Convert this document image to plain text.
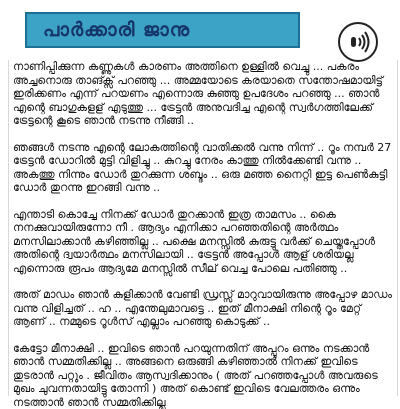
പാർക്കാരി ജാനു

നാണിപ്പിക്കുന്ന കണ്ണുകൾ കാരണം അത്തിനെ ഉള്ളിൽ വെച്ചു ... പകരം അച്ചനൊരു താങ്ക്സ് പറഞ്ഞു ... അമ്മയോടെ കരയാതെ സന്തോഷമായിട്ട് ഇരിക്കണം എന്ന് പറയണം എന്നൊരു കുഞ്ഞു ഉപദേശം പറഞ്ഞു ... ഞാൻ എന്റെ ബാഗുകളള് എടുത്തു ... ട്രേട്ടൻ അനുവദിച്ച എന്റെ സ്വർഗത്തിലേക്ക് ട്രേട്ടന്റെ കൂടെ ഞാൻ നടന്നു നീങ്ങി ..

ഞങ്ങൾ നടന്നു എന്റെ ലോകത്തിന്റെ വാതിക്കൽ വന്നു നിന്ന് .. റൂം നമ്പർ 27 ട്രേട്ടൻ ഡോറിൽ മുട്ടി വിളിച്ചു .. കുറച്ചു നേരം കാത്തു നിൽക്കേണ്ടി വന്നു .. അകത്തു നിന്നും ഡോർ തുറക്കുന്ന ശബ്ദം .. ഒരു മഞ്ഞ നൈറ്റി ഇട്ട പെൺകുട്ടി ഡോർ തുറന്നു ഇറങ്ങി വന്നു ..

എന്താടി കൊച്ചേ നിനക്ക് ഡോർ തുറക്കാൻ ഇത്ര താമസം .. കൈ നനക്കുവായിരുന്നോ നീ . ആദ്യം എനിക്കാ പറഞ്ഞതിന്റെ അർത്ഥം മനസിലാക്കാൻ കഴിഞ്ഞില്ല .. പക്ഷെ മനസ്സിൽ കുരുട്ടു വർക്ക് ചെയ്തപ്പോൾ അതിന്റെ ദ്വയാർത്ഥം മനസിലായി .. ട്രേട്ടൻ അപ്പോൾ ആള് ശരിയല്ല എന്നൊരു രൂപം ആദ്യമേ മനസ്സിൽ സീല് വെച്ച പോലെ പതിഞ്ഞു ..

അത് മാഡം ഞാൻ കുളിക്കാൻ വേണ്ടി ഡ്രസ്സ് മാറുവായിരുന്നു അപ്പോഴ മാഡം വന്നു വിളിച്ചത് .. ഹ .. എന്തേലുമാവട്ടെ .. ഇത് മീനാക്ഷി നിന്റെ റൂം മേറ്റ് ആണ് .. നമ്മുടെ റൂൾസ് എല്ലാം പറഞ്ഞു കൊടുക്ക് ..

കേട്ടോ മീനാക്ഷി .. ഇവിടെ ഞാൻ പറയുന്നതിന് അപ്പുറം ഒന്നും നടക്കാൻ ഞാൻ സമ്മതിക്കില്ല .. അങ്ങനെ ഒരുങ്ങി കഴിഞ്ഞാൽ നിനക്ക് ഇവിടെ തുടരാൻ പറ്റും . ജീവിതം ആസ്വദിക്കാനും ( അത് പറഞ്ഞപ്പോൾ അവരുടെ മുഖം ചുവന്നതായിട്ടു തോന്നി ) അത് കൊണ്ട് ഇവിടെ വേലത്തരം ഒന്നും നടത്താൻ ഞാൻ സമ്മതിക്കില്ല
